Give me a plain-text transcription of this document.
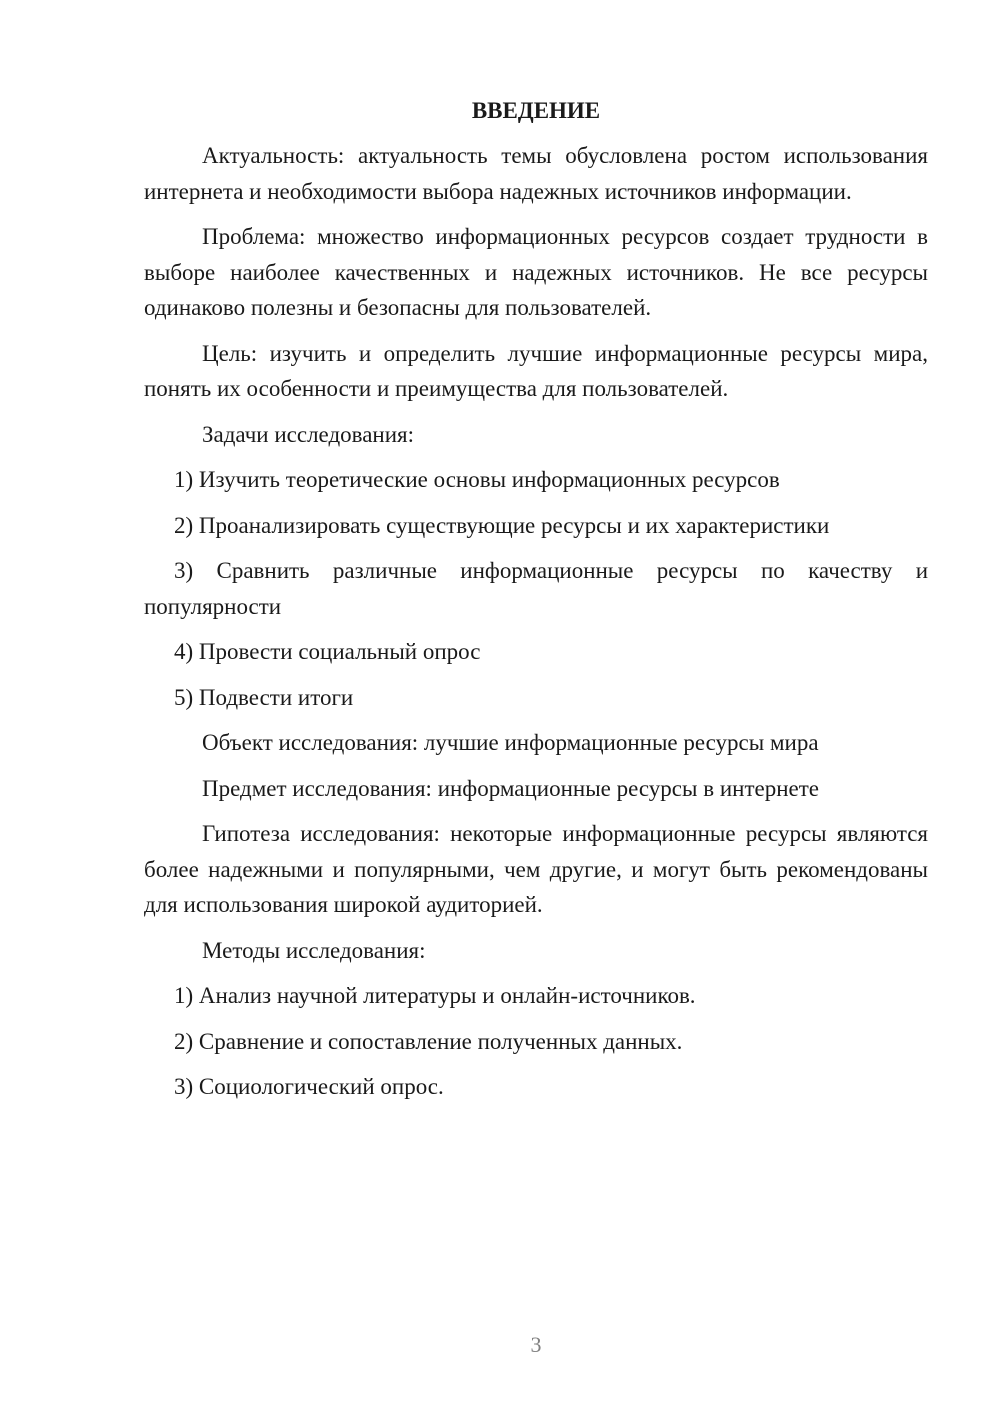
ВВЕДЕНИЕ

Актуальность: актуальность темы обусловлена ростом использования интернета и необходимости выбора надежных источников информации.

Проблема: множество информационных ресурсов создает трудности в выборе наиболее качественных и надежных источников. Не все ресурсы одинаково полезны и безопасны для пользователей.

Цель: изучить и определить лучшие информационные ресурсы мира, понять их особенности и преимущества для пользователей.

Задачи исследования:

1) Изучить теоретические основы информационных ресурсов

2) Проанализировать существующие ресурсы и их характеристики

3) Сравнить различные информационные ресурсы по качеству и популярности

4) Провести социальный опрос

5) Подвести итоги

Объект исследования: лучшие информационные ресурсы мира

Предмет исследования: информационные ресурсы в интернете

Гипотеза исследования: некоторые информационные ресурсы являются более надежными и популярными, чем другие, и могут быть рекомендованы для использования широкой аудиторией.

Методы исследования:

1) Анализ научной литературы и онлайн-источников.

2) Сравнение и сопоставление полученных данных.

3) Социологический опрос.

3
